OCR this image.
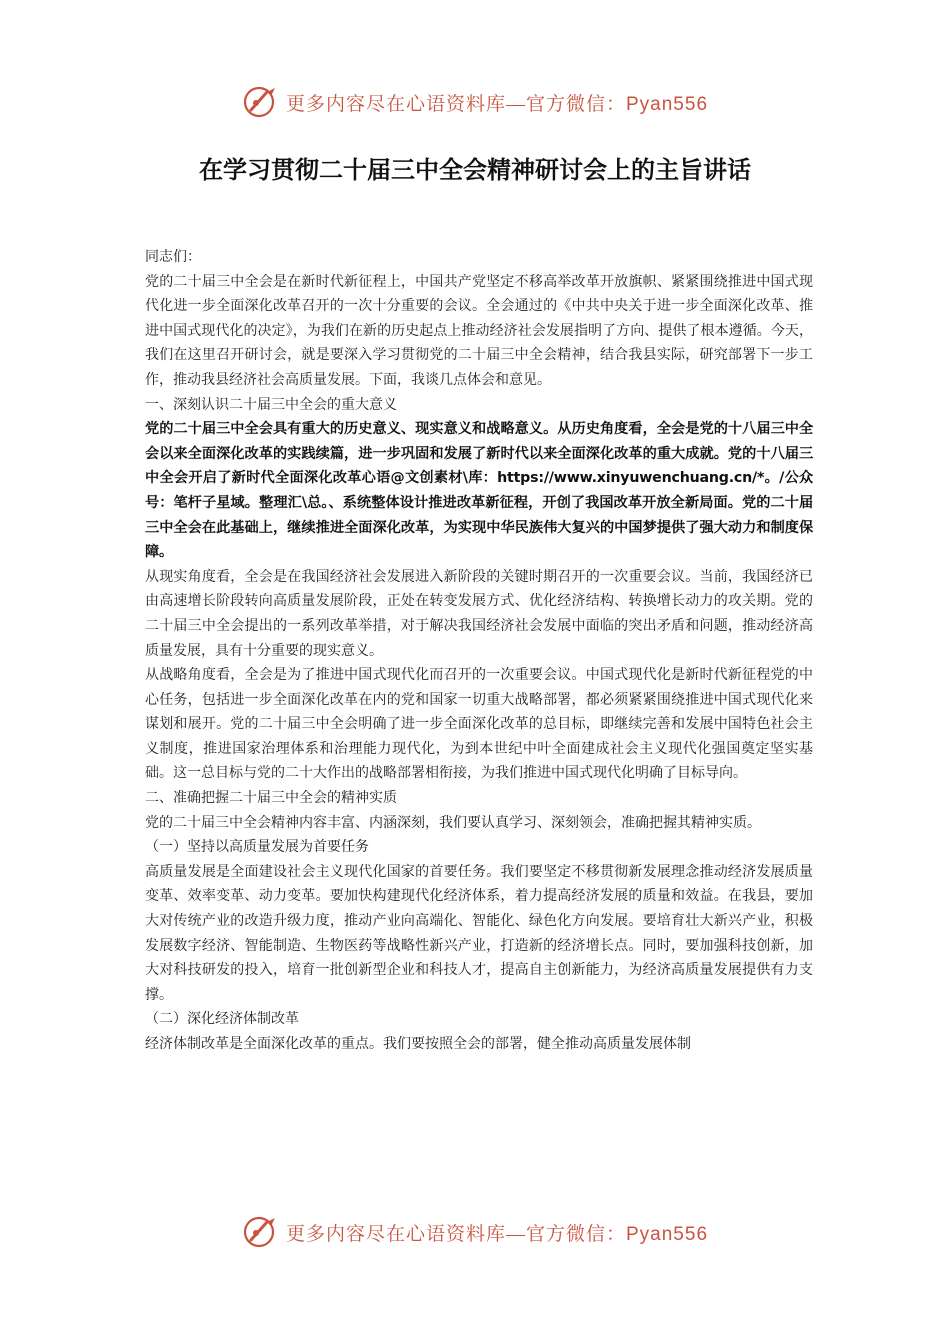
更多内容尽在心语资料库—官方微信：Pyan556
在学习贯彻二十届三中全会精神研讨会上的主旨讲话

同志们：

党的二十届三中全会是在新时代新征程上，中国共产党坚定不移高举改革开放旗帜、紧紧围绕推进中国式现代化进一步全面深化改革召开的一次十分重要的会议。全会通过的《中共中央关于进一步全面深化改革、推进中国式现代化的决定》，为我们在新的历史起点上推动经济社会发展指明了方向、提供了根本遵循。今天，我们在这里召开研讨会，就是要深入学习贯彻党的二十届三中全会精神，结合我县实际，研究部署下一步工作，推动我县经济社会高质量发展。下面，我谈几点体会和意见。

一、深刻认识二十届三中全会的重大意义

党的二十届三中全会具有重大的历史意义、现实意义和战略意义。从历史角度看，全会是党的十八届三中全会以来全面深化改革的实践续篇，进一步巩固和发展了新时代以来全面深化改革的重大成就。党的十八届三中全会开启了新时代全面深化改革心语@文创素材\库：https://www.xinyuwenchuang.cn/*。/公众号：笔杆子星域。整理汇\总。、系统整体设计推进改革新征程，开创了我国改革开放全新局面。党的二十届三中全会在此基础上，继续推进全面深化改革，为实现中华民族伟大复兴的中国梦提供了强大动力和制度保障。

从现实角度看，全会是在我国经济社会发展进入新阶段的关键时期召开的一次重要会议。当前，我国经济已由高速增长阶段转向高质量发展阶段，正处在转变发展方式、优化经济结构、转换增长动力的攻关期。党的二十届三中全会提出的一系列改革举措，对于解决我国经济社会发展中面临的突出矛盾和问题，推动经济高质量发展，具有十分重要的现实意义。

从战略角度看，全会是为了推进中国式现代化而召开的一次重要会议。中国式现代化是新时代新征程党的中心任务，包括进一步全面深化改革在内的党和国家一切重大战略部署，都必须紧紧围绕推进中国式现代化来谋划和展开。党的二十届三中全会明确了进一步全面深化改革的总目标，即继续完善和发展中国特色社会主义制度，推进国家治理体系和治理能力现代化，为到本世纪中叶全面建成社会主义现代化强国奠定坚实基础。这一总目标与党的二十大作出的战略部署相衔接，为我们推进中国式现代化明确了目标导向。

二、准确把握二十届三中全会的精神实质

党的二十届三中全会精神内容丰富、内涵深刻，我们要认真学习、深刻领会，准确把握其精神实质。

（一）坚持以高质量发展为首要任务

高质量发展是全面建设社会主义现代化国家的首要任务。我们要坚定不移贯彻新发展理念推动经济发展质量变革、效率变革、动力变革。要加快构建现代化经济体系，着力提高经济发展的质量和效益。在我县，要加大对传统产业的改造升级力度，推动产业向高端化、智能化、绿色化方向发展。要培育壮大新兴产业，积极发展数字经济、智能制造、生物医药等战略性新兴产业，打造新的经济增长点。同时，要加强科技创新，加大对科技研发的投入，培育一批创新型企业和科技人才，提高自主创新能力，为经济高质量发展提供有力支撑。

（二）深化经济体制改革

经济体制改革是全面深化改革的重点。我们要按照全会的部署，健全推动高质量发展体制

更多内容尽在心语资料库—官方微信：Pyan556
